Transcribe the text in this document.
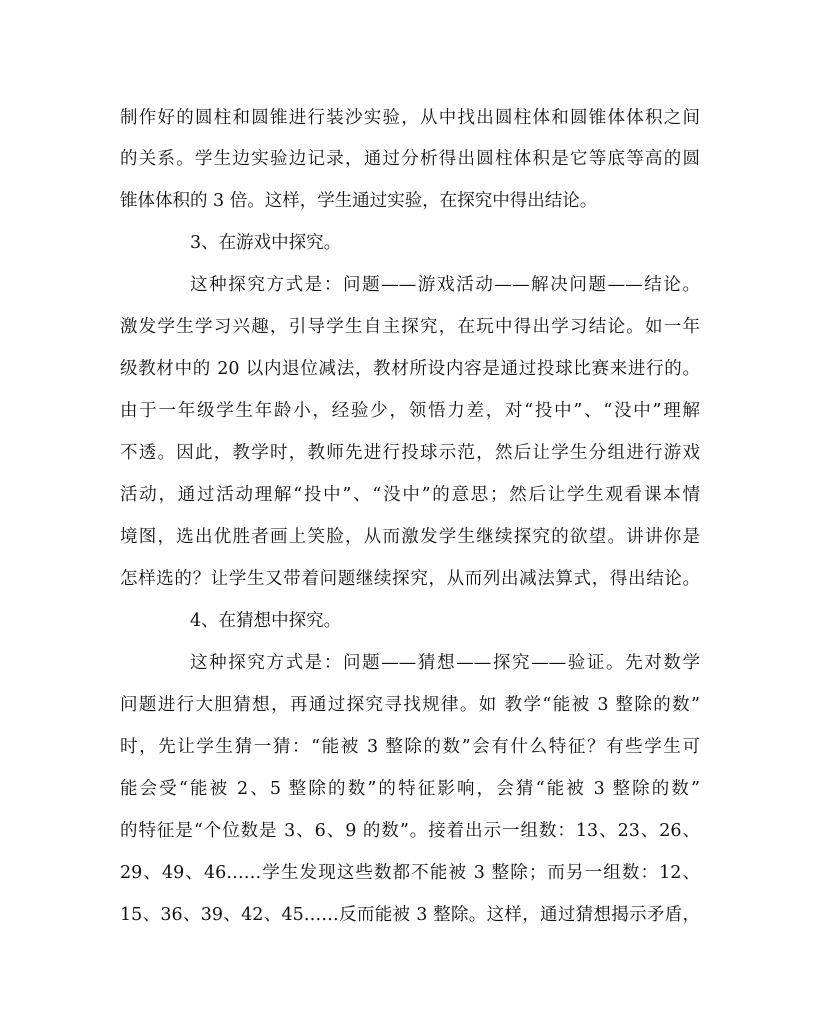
制作好的圆柱和圆锥进行装沙实验，从中找出圆柱体和圆锥体体积之间
的关系。学生边实验边记录，通过分析得出圆柱体积是它等底等高的圆
锥体体积的 3 倍。这样，学生通过实验，在探究中得出结论。
3、在游戏中探究。
这种探究方式是：问题——游戏活动——解决问题——结论。
激发学生学习兴趣，引导学生自主探究，在玩中得出学习结论。如一年
级教材中的 20 以内退位减法，教材所设内容是通过投球比赛来进行的。
由于一年级学生年龄小，经验少，领悟力差，对“投中”、“没中”理解
不透。因此，教学时，教师先进行投球示范，然后让学生分组进行游戏
活动，通过活动理解“投中”、“没中”的意思；然后让学生观看课本情
境图，选出优胜者画上笑脸，从而激发学生继续探究的欲望。讲讲你是
怎样选的？让学生又带着问题继续探究，从而列出减法算式，得出结论。
4、在猜想中探究。
这种探究方式是：问题——猜想——探究——验证。先对数学
问题进行大胆猜想，再通过探究寻找规律。如 教学“能被 3 整除的数”
时，先让学生猜一猜：“能被 3 整除的数”会有什么特征？有些学生可
能会受“能被 2、5 整除的数”的特征影响，会猜“能被 3 整除的数”
的特征是“个位数是 3、6、9 的数”。接着出示一组数：13、23、26、
29、49、46……学生发现这些数都不能被 3 整除；而另一组数：12、
15、36、39、42、45……反而能被 3 整除。这样，通过猜想揭示矛盾，
